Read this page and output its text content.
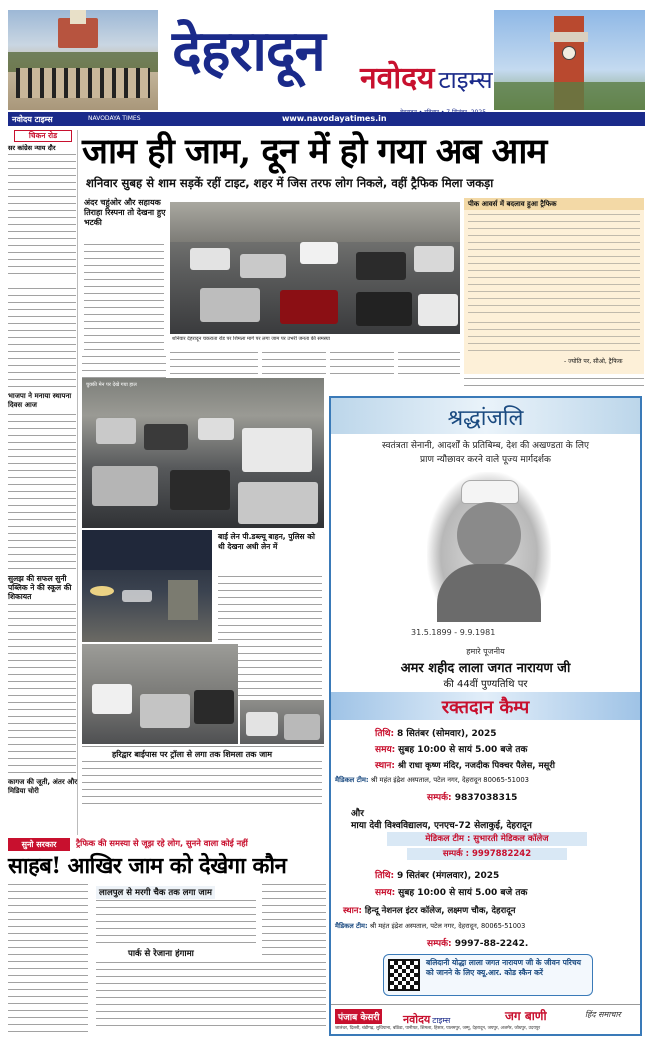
देहरादून नवोदय टाइम्स
नवोदय टाइम्स	NAVODAYA TIMES	www.navodayatimes.in
चिकन रोड
सर कांग्रेस न्याय दौर
भाजपा ने मनाया स्थापना दिवस आज
सुलझ की सफल सुनी पब्लिक ने की स्कूल की शिकायत
कागज की जूती, अंतर और मिडिया चोरी
जाम ही जाम, दून में हो गया अब आम
शनिवार सुबह से शाम सड़कें रहीं टाइट, शहर में जिस तरफ लोग निकले, वहीं ट्रैफिक मिला जकड़ा
अंदर चहुंओर और सहायक तिराहा रिस्पना तो देखना हुए भटकी
शनिवार देहरादून चकराता रोड पर शिमला मार्ग पर लगा जाम पर उभरी जनता की समस्या
पीक आवर्स में बदलाव हुआ ट्रैफिक
- ज्योति पर, सीओ, ट्रैफिक
चुक्की मेन पर देखे गया हाल
बाई लेन पी.डब्ल्यू बाहन, पुलिस को थी देखना अधी लेन में
हरिद्वार बाईपास पर ट्रॉला से लगा तक शिमला तक जाम
श्रद्धांजलि
स्वतंत्रता सेनानी, आदर्शों के प्रतिबिम्ब, देश की अखण्डता के लिए
प्राण न्यौछावर करने वाले पूज्य मार्गदर्शक
31.5.1899 - 9.9.1981
हमारे पूजनीय
अमर शहीद लाला जगत नारायण जी
की 44वीं पुण्यतिथि पर
रक्तदान कैम्प
तिथि: 8 सितंबर (सोमवार), 2025
समय: सुबह 10:00 से सायं 5.00 बजे तक
स्थान: श्री राधा कृष्ण मंदिर, नजदीक पिक्चर पैलेस, मसूरी
मैडिकल टीम: श्री महंत इंद्रेश अस्पताल, पटेल नगर, देहरादून 80065-51003
सम्पर्क: 9837038315
और
माया देवी विश्वविद्यालय, एनएच-72 सेलाकुई, देहरादून
मेडिकल टीम : सुभारती मेडिकल कॉलेज
सम्पर्क : 9997882242
तिथि: 9 सितंबर (मंगलवार), 2025
समय: सुबह 10:00 से सायं 5.00 बजे तक
स्थान: हिन्दू नेशनल इंटर कॉलेज, लक्ष्मण चौक, देहरादून
मैडिकल टीम: श्री महंत इंद्रेश अस्पताल, पटेल नगर, देहरादून, 80065-51003
सम्पर्क: 9997-88-2242.
बलिदानी योद्धा लाला जगत नारायण जी के जीवन परिचय को जानने के लिए क्यू.आर. कोड स्कैन करें
पंजाब केसरी नवोदय टाइम्स	जग बाणी	हिंद समाचार
जालंधर, दिल्ली, चंडीगढ़, लुधियाना, बठिंडा, पानीपत, शिमला, हिसार, पालमपुर, जम्मू, देहरादून, जयपुर, अजमेर, जोधपुर, उदयपुर
सुनो सरकार	ट्रैफिक की समस्या से जूझ रहे लोग, सुनने वाला कोई नहीं
साहब! आखिर जाम को देखेगा कौन
लालपुल से मरगी चैक तक लगा जाम
पार्क से रेजाना हंगामा
